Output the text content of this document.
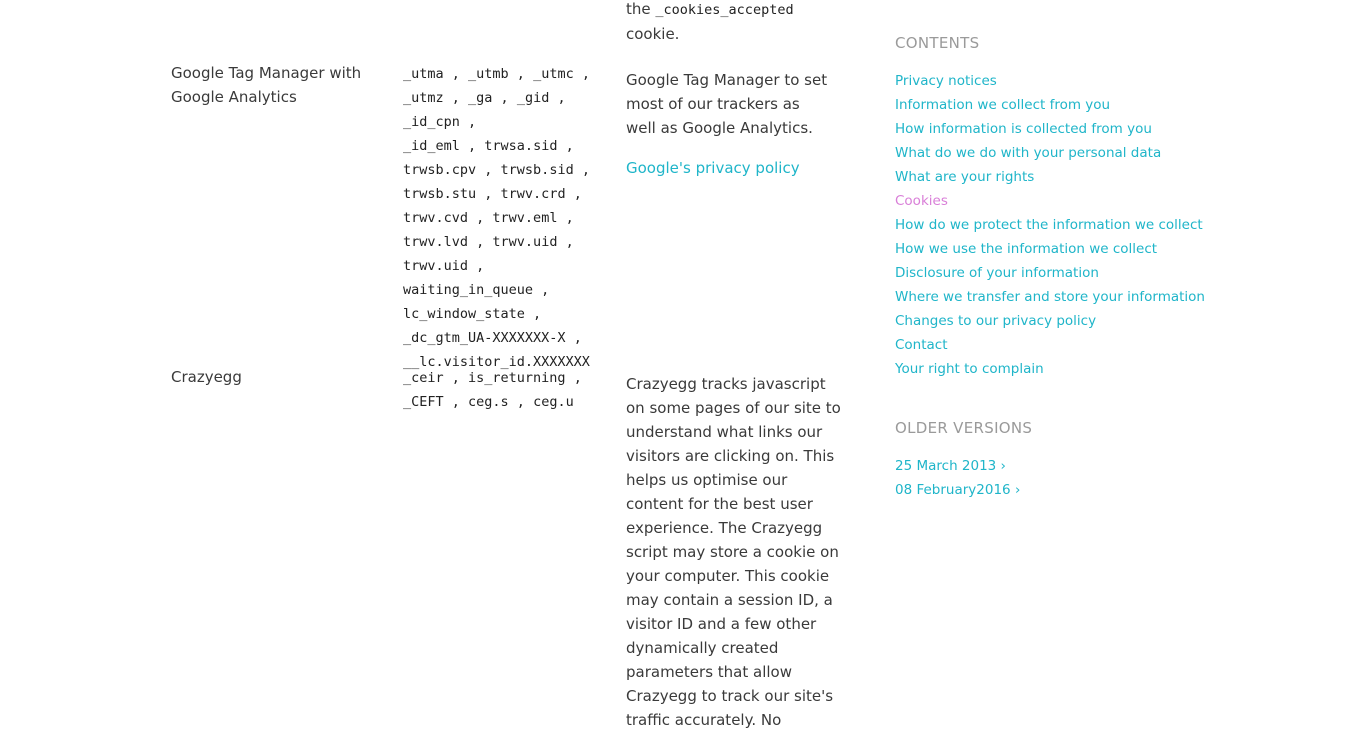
the _cookies_accepted
cookie.
Google Tag Manager with Google Analytics
_utma , _utmb , _utmc ,
_utmz , _ga , _gid , _id_cpn ,
_id_eml , trwsa.sid ,
trwsb.cpv , trwsb.sid ,
trwsb.stu , trwv.crd ,
trwv.cvd , trwv.eml ,
trwv.lvd , trwv.uid ,
trwv.uid ,
waiting_in_queue ,
lc_window_state ,
_dc_gtm_UA-XXXXXXX-X ,
__lc.visitor_id.XXXXXXX
Google Tag Manager to set most of our trackers as well as Google Analytics.
Google's privacy policy
Crazyegg	_ceir , is_returning ,
_CEFT , ceg.s , ceg.u
Crazyegg tracks javascript on some pages of our site to understand what links our visitors are clicking on. This helps us optimise our content for the best user experience. The Crazyegg script may store a cookie on your computer. This cookie may contain a session ID, a visitor ID and a few other dynamically created parameters that allow Crazyegg to track our site's traffic accurately. No
CONTENTS
Privacy notices
Information we collect from you
How information is collected from you
What do we do with your personal data
What are your rights
Cookies
How do we protect the information we collect
How we use the information we collect
Disclosure of your information
Where we transfer and store your information
Changes to our privacy policy
Contact
Your right to complain
OLDER VERSIONS
25 March 2013 ›
08 February2016 ›
